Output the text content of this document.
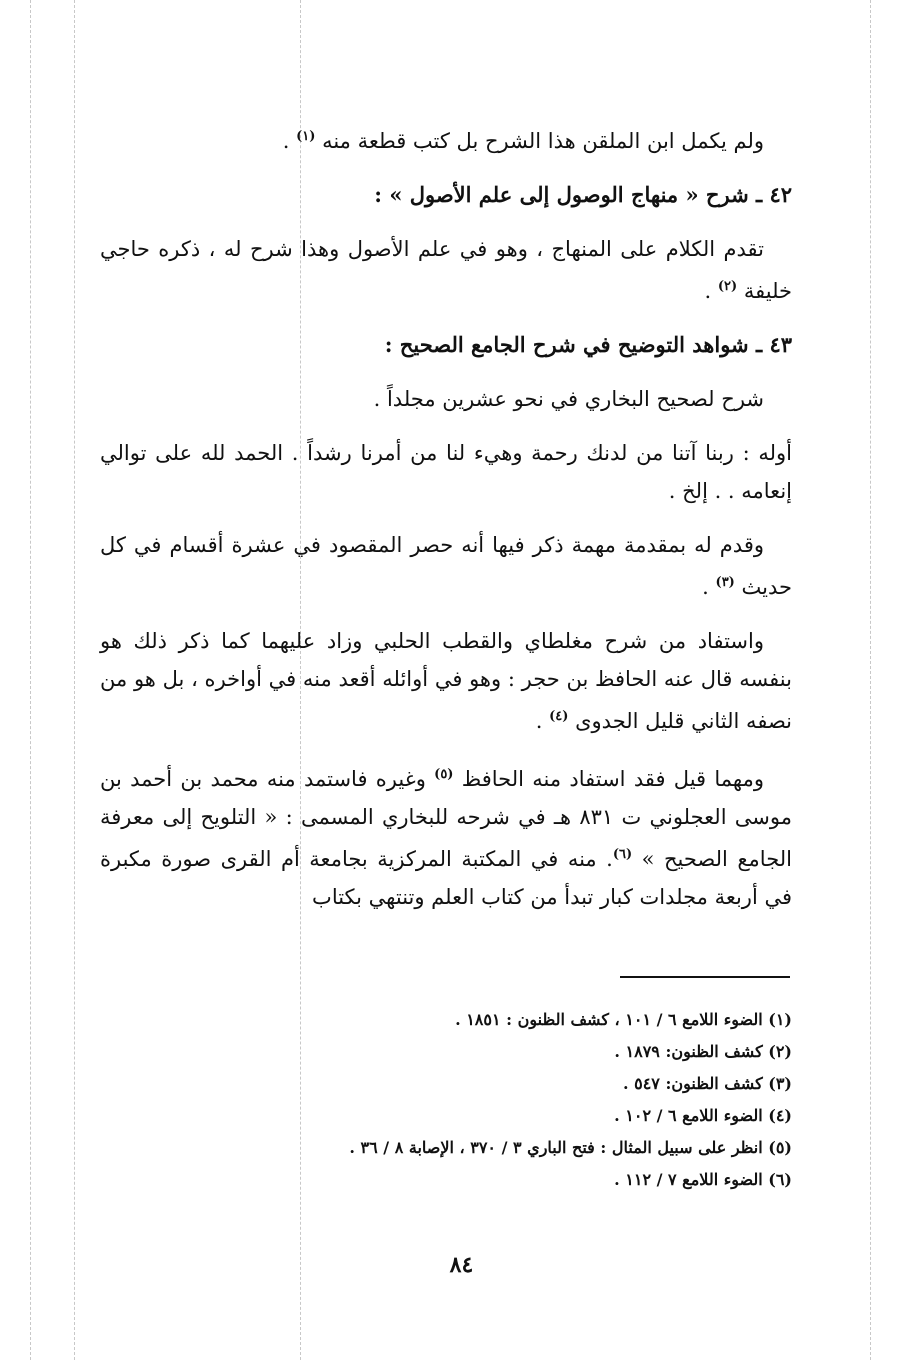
ولم يكمل ابن الملقن هذا الشرح بل كتب قطعة منه $^{(١)}$ .

٤٢ ـ شرح « منهاج الوصول إلى علم الأصول » :

تقدم الكلام على المنهاج ، وهو في علم الأصول وهذا شرح له ، ذكره حاجي خليفة $^{(٢)}$ .

٤٣ ـ شواهد التوضيح في شرح الجامع الصحيح :

شرح لصحيح البخاري في نحو عشرين مجلداً .

أوله : ربنا آتنا من لدنك رحمة وهيء لنا من أمرنا رشداً . الحمد لله على توالي إنعامه . . إلخ .

وقدم له بمقدمة مهمة ذكر فيها أنه حصر المقصود في عشرة أقسام في كل حديث $^{(٣)}$ .

واستفاد من شرح مغلطاي والقطب الحلبي وزاد عليهما كما ذكر ذلك هو بنفسه قال عنه الحافظ بن حجر : وهو في أوائله أقعد منه في أواخره ، بل هو من نصفه الثاني قليل الجدوى $^{(٤)}$ .

ومهما قيل فقد استفاد منه الحافظ $^{(٥)}$ وغيره فاستمد منه محمد بن أحمد بن موسى العجلوني ت ٨٣١ هـ في شرحه للبخاري المسمى : « التلويح إلى معرفة الجامع الصحيح » $^{(٦)}$. منه في المكتبة المركزية بجامعة أم القرى صورة مكبرة في أربعة مجلدات كبار تبدأ من كتاب العلم وتنتهي بكتاب

(١) الضوء اللامع ٦ / ١٠١ ، كشف الظنون : ١٨٥١ .
(٢) كشف الظنون: ١٨٧٩ .
(٣) كشف الظنون: ٥٤٧ .
(٤) الضوء اللامع ٦ / ١٠٢ .
(٥) انظر على سبيل المثال : فتح الباري ٣ / ٣٧٠ ، الإصابة ٨ / ٣٦ .
(٦) الضوء اللامع ٧ / ١١٢ .
٨٤
